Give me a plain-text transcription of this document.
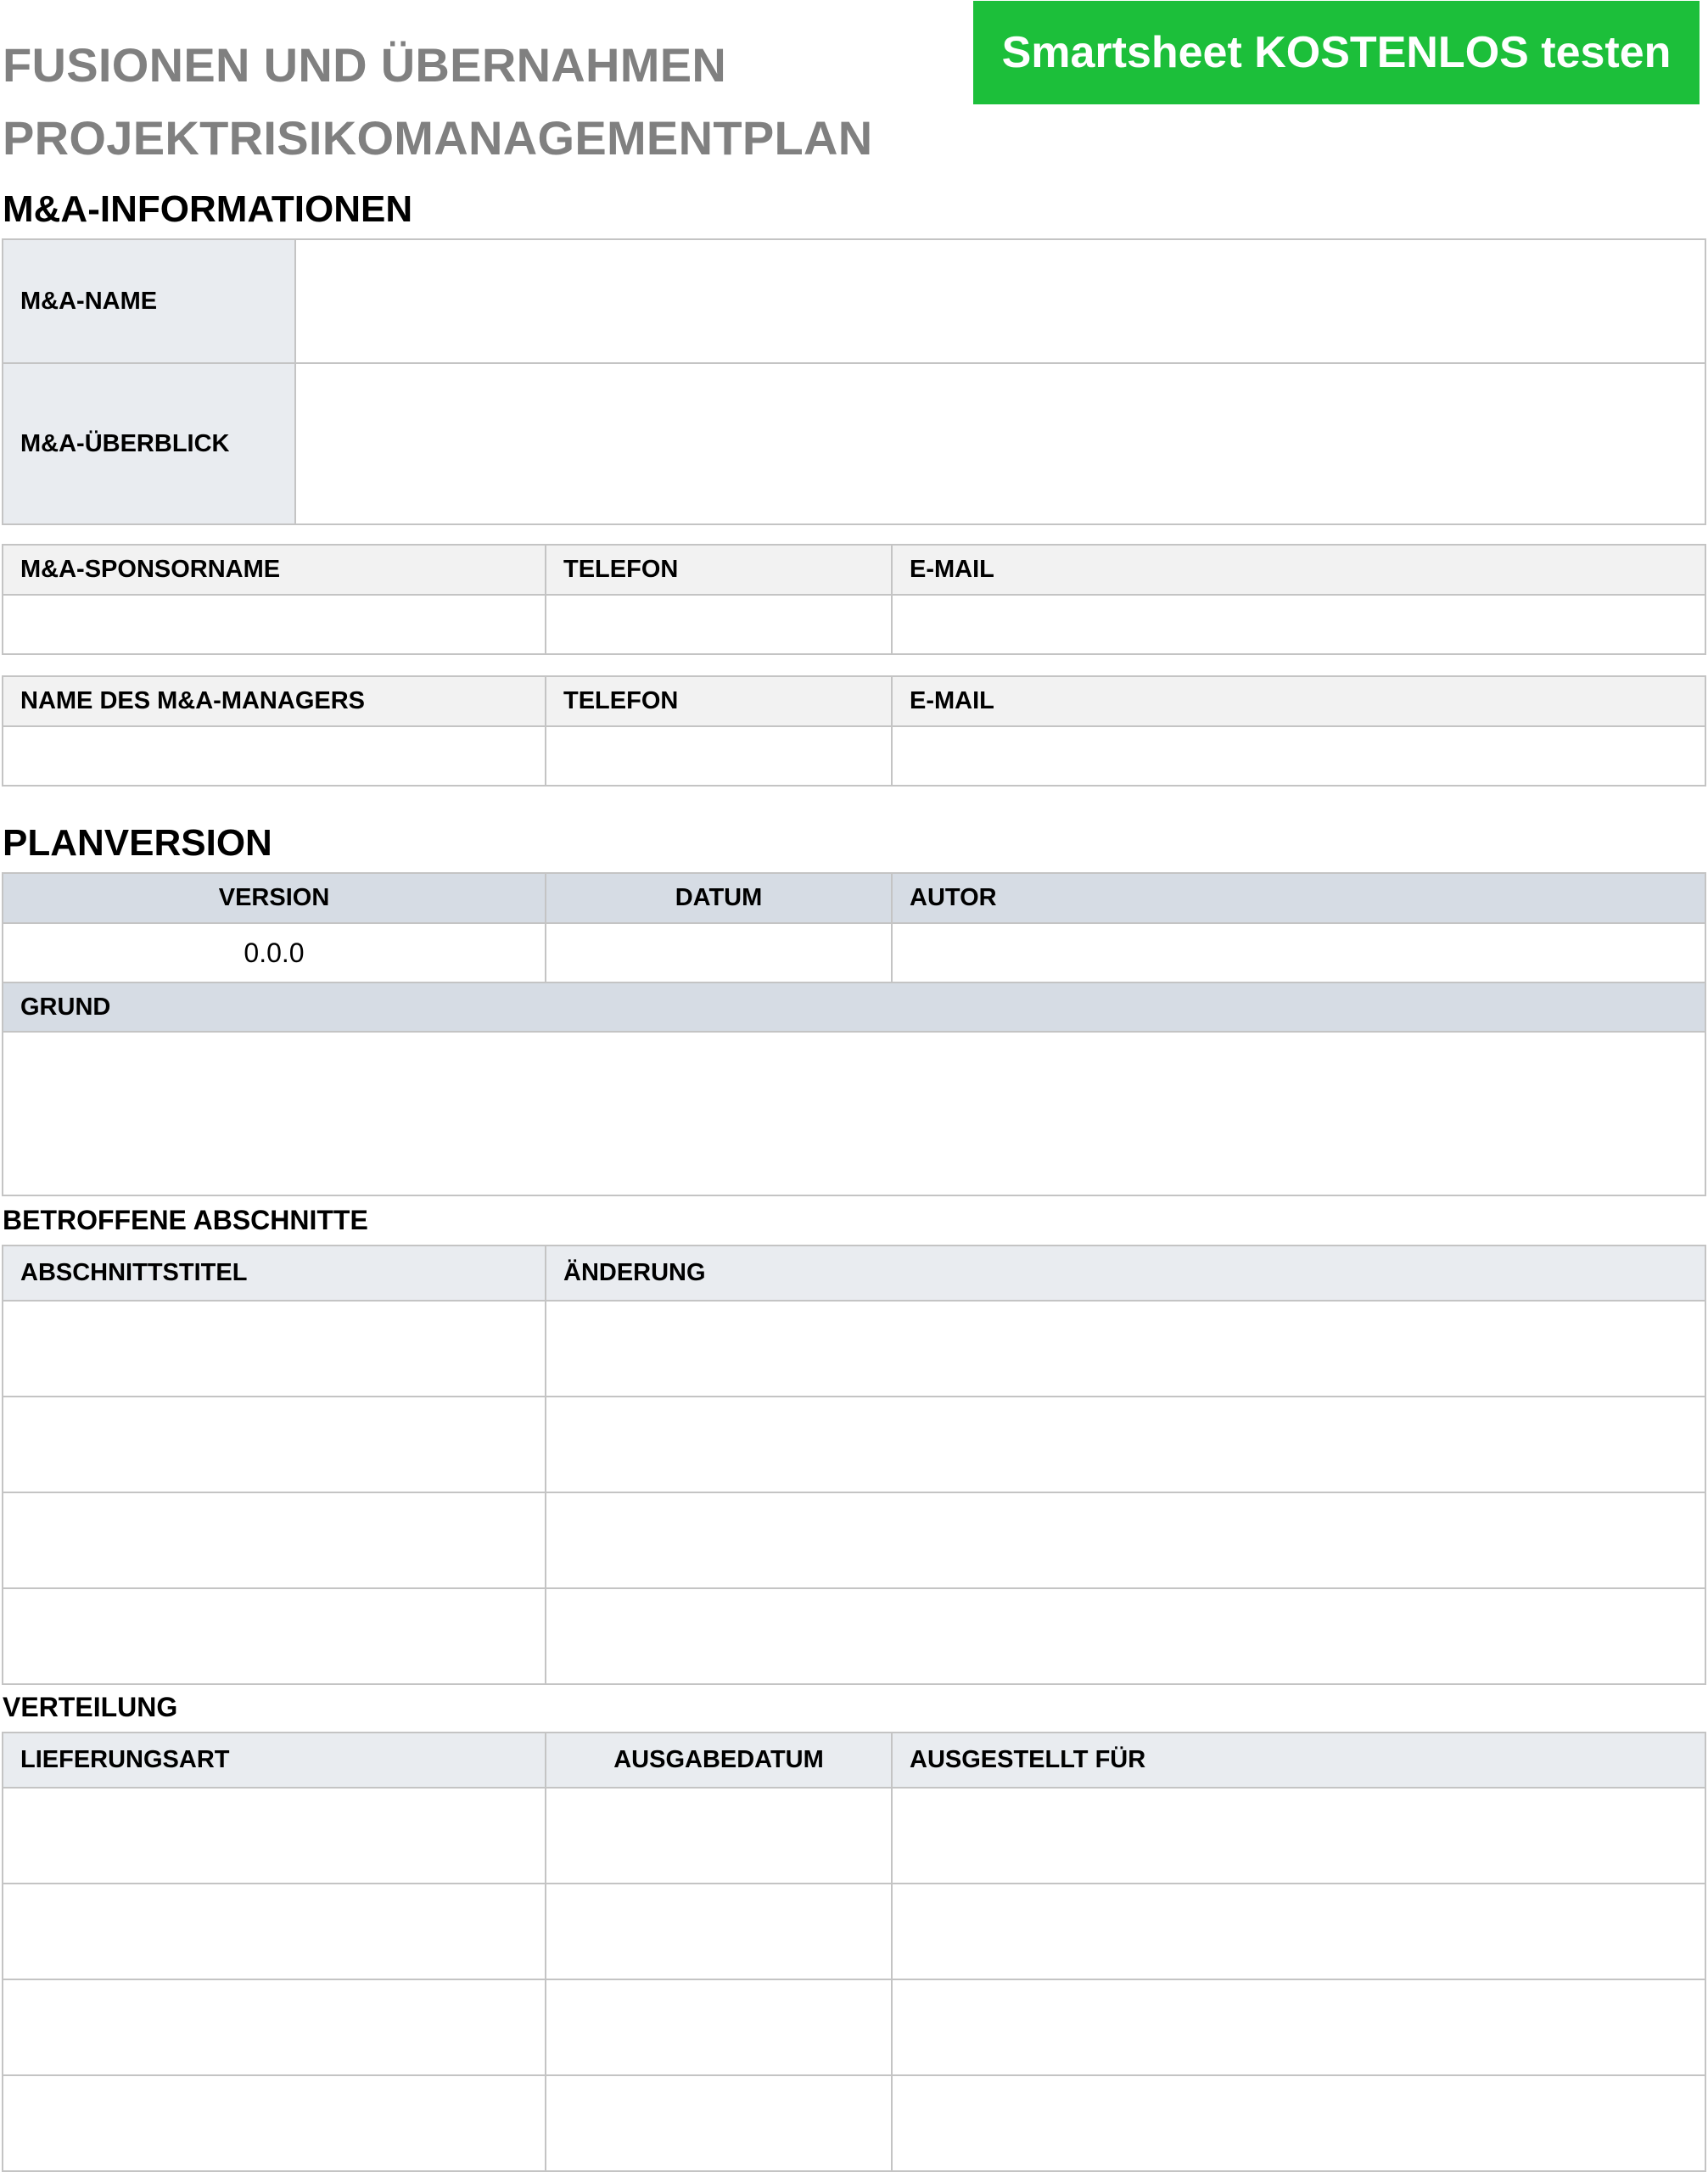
FUSIONEN UND ÜBERNAHMEN
PROJEKTRISIKOMANAGEMENTPLAN
Smartsheet KOSTENLOS testen
M&A-INFORMATIONEN
M&A-NAME	
M&A-ÜBERBLICK	
M&A-SPONSORNAME	TELEFON	E-MAIL

NAME DES M&A-MANAGERS	TELEFON	E-MAIL

PLANVERSION
VERSION	DATUM	AUTOR
0.0.0		
GRUND		

BETROFFENE ABSCHNITTE
ABSCHNITTSTITEL	ÄNDERUNG

VERTEILUNG
LIEFERUNGSART	AUSGABEDATUM	AUSGESTELLT FÜR
